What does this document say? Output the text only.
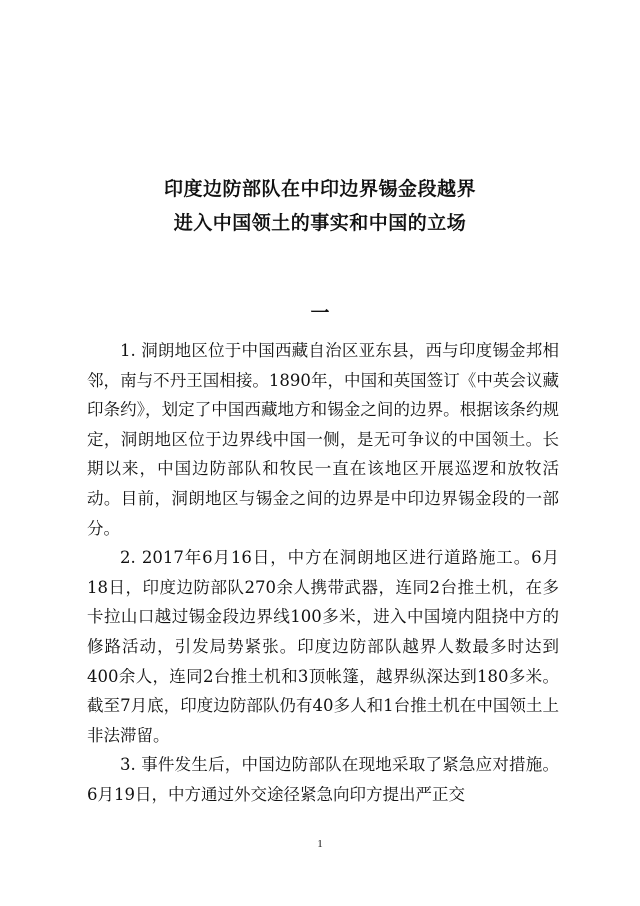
印度边防部队在中印边界锡金段越界
进入中国领土的事实和中国的立场
一

1. 洞朗地区位于中国西藏自治区亚东县，西与印度锡金邦相邻，南与不丹王国相接。1890年，中国和英国签订《中英会议藏印条约》，划定了中国西藏地方和锡金之间的边界。根据该条约规定，洞朗地区位于边界线中国一侧，是无可争议的中国领土。长期以来，中国边防部队和牧民一直在该地区开展巡逻和放牧活动。目前，洞朗地区与锡金之间的边界是中印边界锡金段的一部分。

2. 2017年6月16日，中方在洞朗地区进行道路施工。6月18日，印度边防部队270余人携带武器，连同2台推土机，在多卡拉山口越过锡金段边界线100多米，进入中国境内阻挠中方的修路活动，引发局势紧张。印度边防部队越界人数最多时达到400余人，连同2台推土机和3顶帐篷，越界纵深达到180多米。截至7月底，印度边防部队仍有40多人和1台推土机在中国领土上非法滞留。

3. 事件发生后，中国边防部队在现地采取了紧急应对措施。6月19日，中方通过外交途径紧急向印方提出严正交

1
